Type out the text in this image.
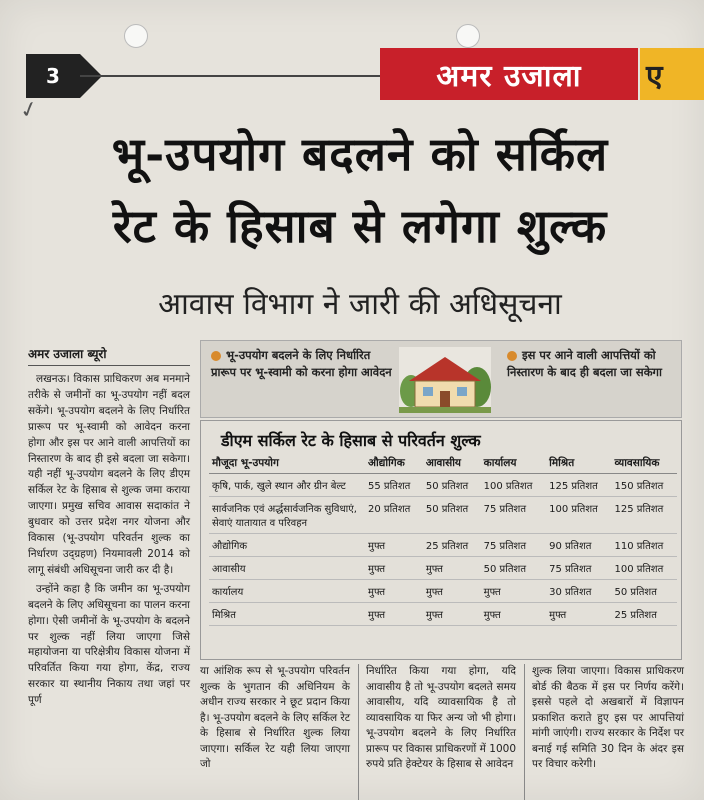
3	अमर उजाला	ए
✓
भू-उपयोग बदलने को सर्किल
रेट के हिसाब से लगेगा शुल्क
आवास विभाग ने जारी की अधिसूचना
अमर उजाला ब्यूरो

लखनऊ। विकास प्राधिकरण अब मनमाने तरीके से जमीनों का भू-उपयोग नहीं बदल सकेंगे। भू-उपयोग बदलने के लिए निर्धारित प्रारूप पर भू-स्वामी को आवेदन करना होगा और इस पर आने वाली आपत्तियों का निस्तारण के बाद ही इसे बदला जा सकेगा। यही नहीं भू-उपयोग बदलने के लिए डीएम सर्किल रेट के हिसाब से शुल्क जमा कराया जाएगा। प्रमुख सचिव आवास सदाकांत ने बुधवार को उत्तर प्रदेश नगर योजना और विकास (भू-उपयोग परिवर्तन शुल्क का निर्धारण उद्ग्रहण) नियमावली 2014 को लागू संबंधी अधिसूचना जारी कर दी है।

उन्होंने कहा है कि जमीन का भू-उपयोग बदलने के लिए अधिसूचना का पालन करना होगा। ऐसी जमीनों के भू-उपयोग के बदलने पर शुल्क नहीं लिया जाएगा जिसे महायोजना या परिक्षेत्रीय विकास योजना में परिवर्तित किया गया होगा, केंद्र, राज्य सरकार या स्थानीय निकाय तथा जहां पर पूर्ण

भू-उपयोग बदलने के लिए निर्धारित प्रारूप पर भू-स्वामी को करना होगा आवेदन
इस पर आने वाली आपत्तियों को निस्तारण के बाद ही बदला जा सकेगा
डीएम सर्किल रेट के हिसाब से परिवर्तन शुल्क
मौजूदा भू-उपयोग	औद्योगिक	आवासीय	कार्यालय	मिश्रित	व्यावसायिक
कृषि, पार्क, खुले स्थान और ग्रीन बेल्ट	55 प्रतिशत	50 प्रतिशत	100 प्रतिशत	125 प्रतिशत	150 प्रतिशत
सार्वजनिक एवं अर्द्धसार्वजनिक सुविधाएं, सेवाएं यातायात व परिवहन	20 प्रतिशत	50 प्रतिशत	75 प्रतिशत	100 प्रतिशत	125 प्रतिशत
औद्योगिक	मुफ्त	25 प्रतिशत	75 प्रतिशत	90 प्रतिशत	110 प्रतिशत
आवासीय	मुफ्त	मुफ्त	50 प्रतिशत	75 प्रतिशत	100 प्रतिशत
कार्यालय	मुफ्त	मुफ्त	मुफ्त	30 प्रतिशत	50 प्रतिशत
मिश्रित	मुफ्त	मुफ्त	मुफ्त	मुफ्त	25 प्रतिशत

या आंशिक रूप से भू-उपयोग परिवर्तन शुल्क के भुगतान की अधिनियम के अधीन राज्य सरकार ने छूट प्रदान किया है। भू-उपयोग बदलने के लिए सर्किल रेट के हिसाब से निर्धारित शुल्क लिया जाएगा। सर्किल रेट यही लिया जाएगा जो

निर्धारित किया गया होगा, यदि आवासीय है तो भू-उपयोग बदलते समय आवासीय, यदि व्यावसायिक है तो व्यावसायिक या फिर अन्य जो भी होगा। भू-उपयोग बदलने के लिए निर्धारित प्रारूप पर विकास प्राधिकरणों में 1000 रुपये प्रति हेक्टेयर के हिसाब से आवेदन

शुल्क लिया जाएगा। विकास प्राधिकरण बोर्ड की बैठक में इस पर निर्णय करेंगे। इससे पहले दो अखबारों में विज्ञापन प्रकाशित कराते हुए इस पर आपत्तियां मांगी जाएंगी। राज्य सरकार के निर्देश पर बनाई गई समिति 30 दिन के अंदर इस पर विचार करेगी।
